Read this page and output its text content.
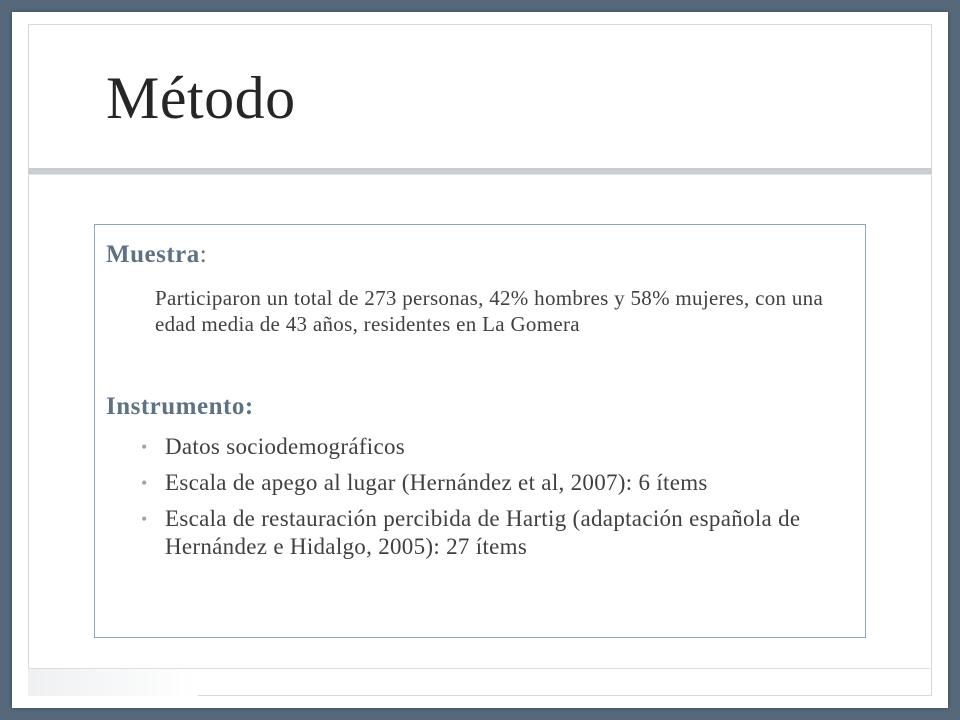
Método
Muestra:

Participaron un total de 273 personas, 42% hombres y 58% mujeres, con una edad media de 43 años, residentes en La Gomera

Instrumento:
• Datos sociodemográficos
• Escala de apego al lugar (Hernández et al, 2007): 6 ítems
• Escala de restauración percibida de Hartig (adaptación española de Hernández e Hidalgo, 2005): 27 ítems
